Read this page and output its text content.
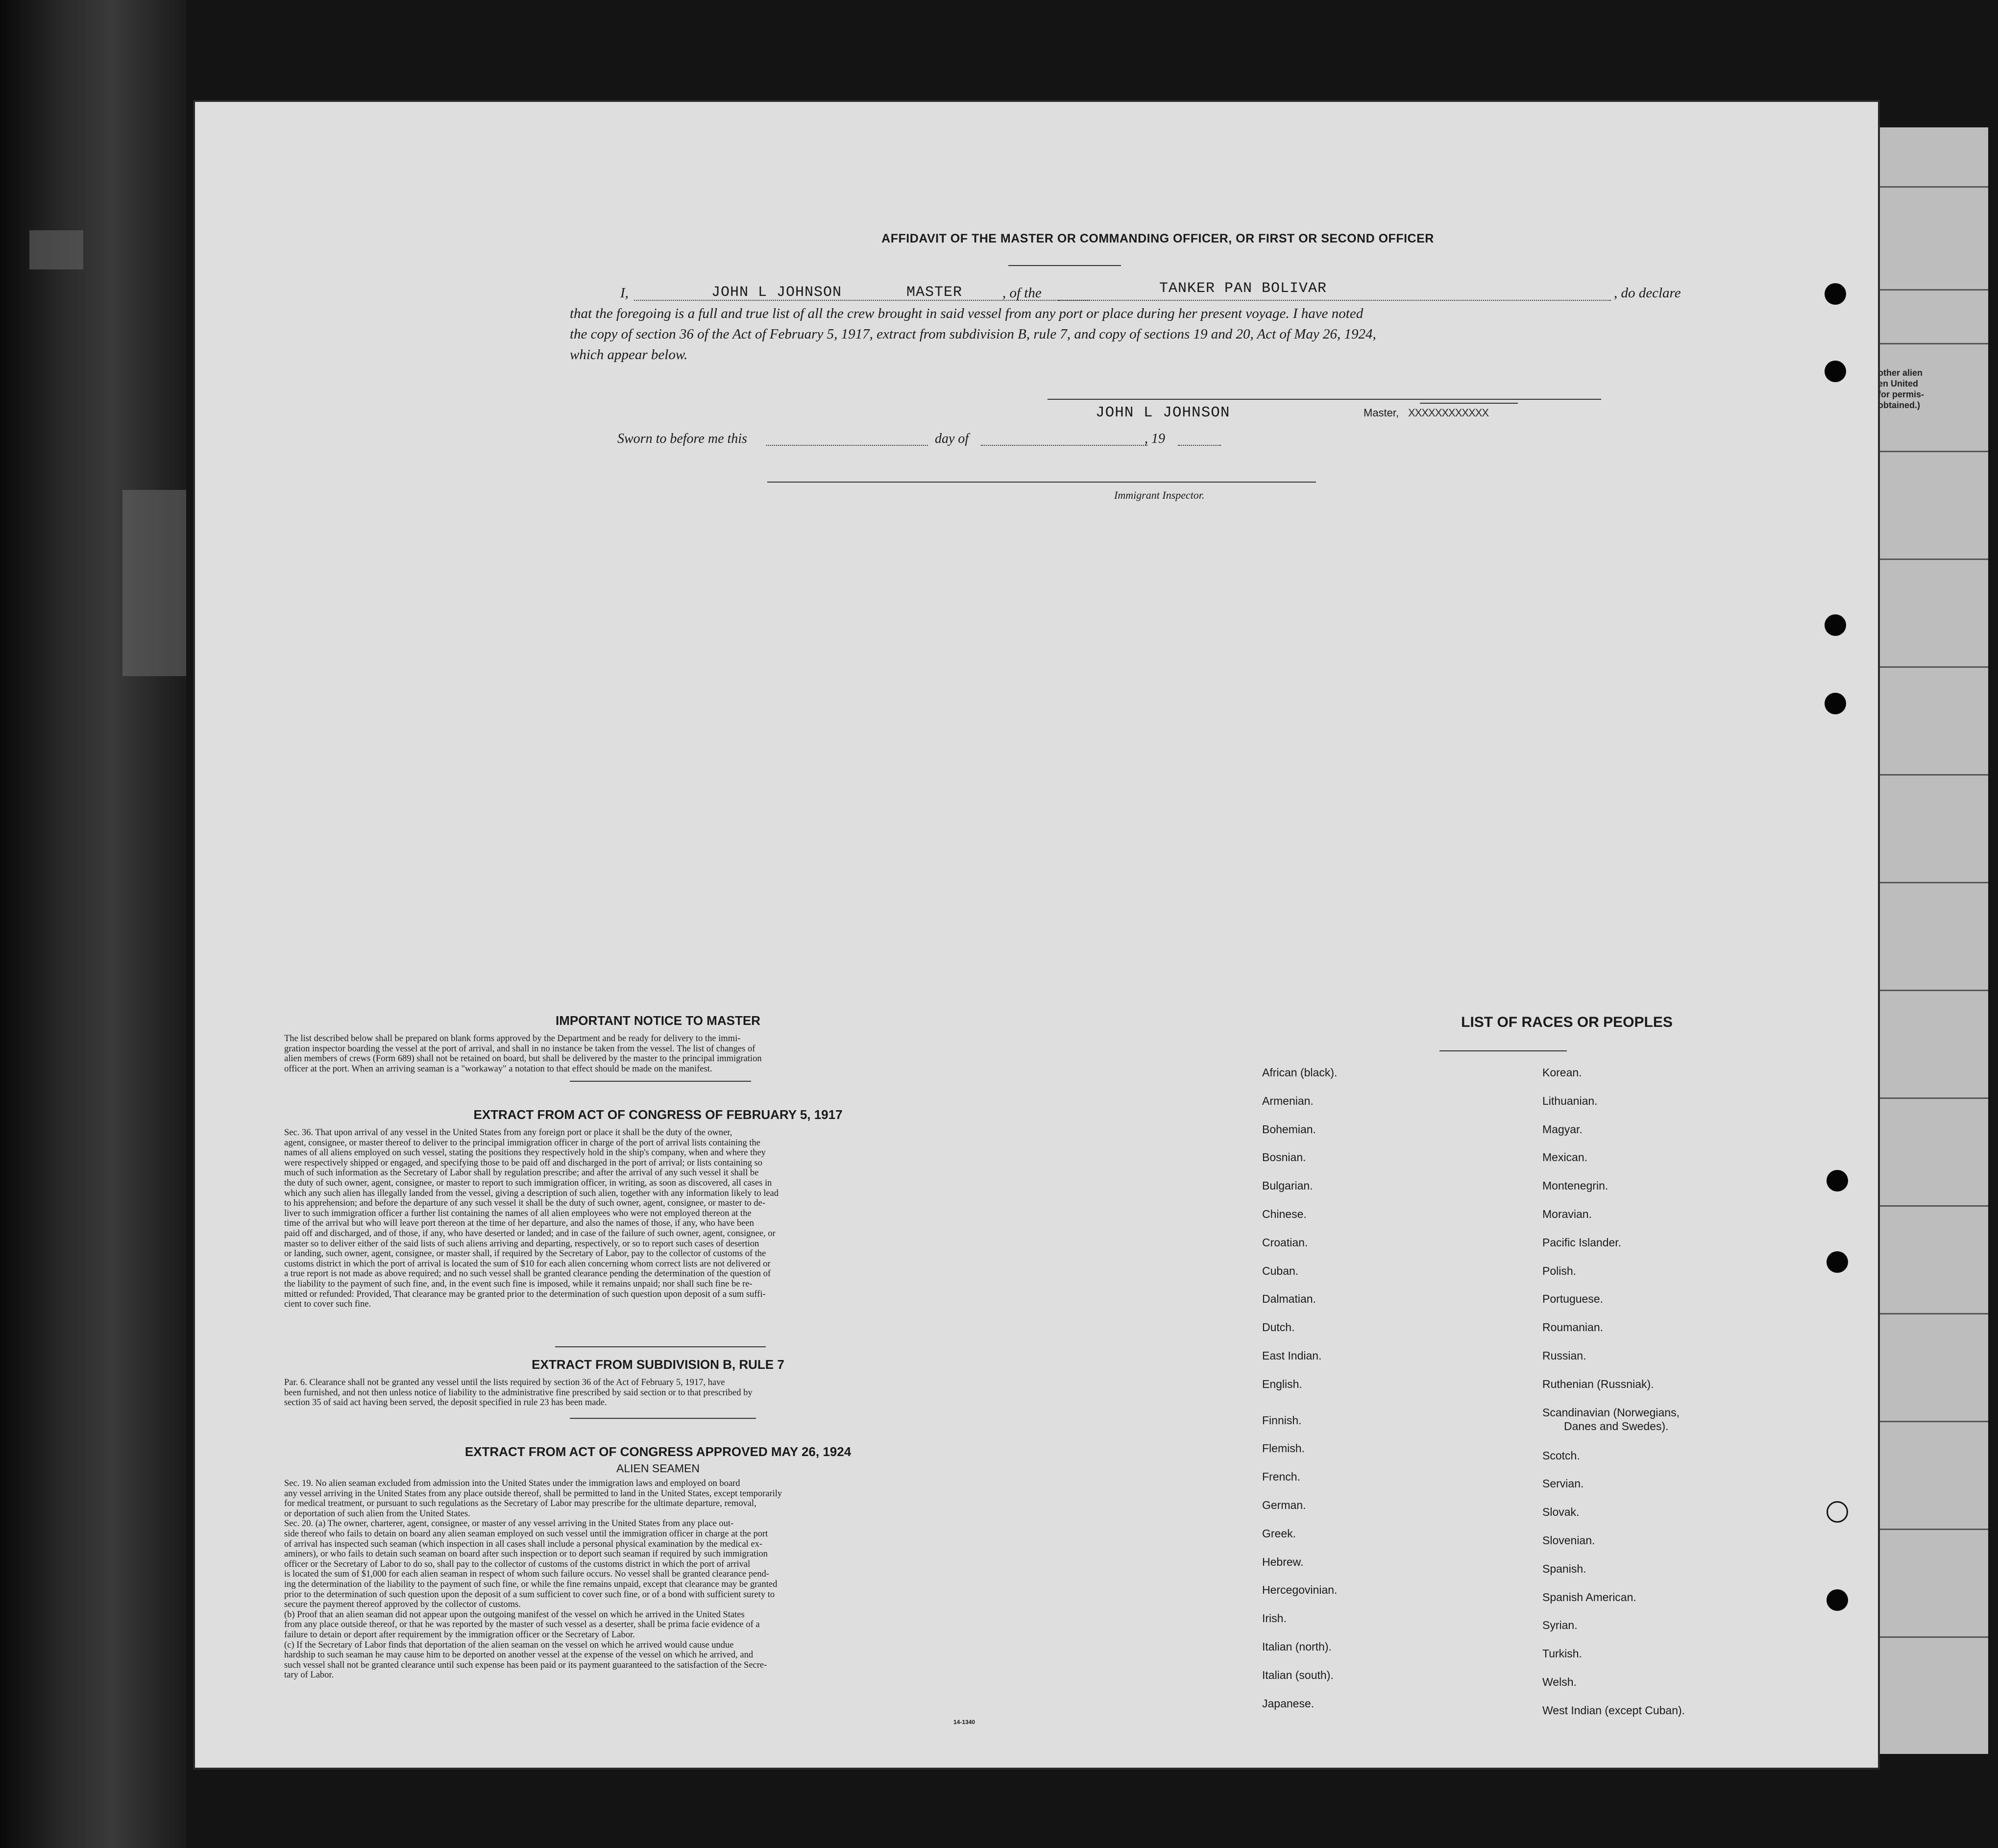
other alien
en United
for permis-
obtained.)
AFFIDAVIT OF THE MASTER OR COMMANDING OFFICER, OR FIRST OR SECOND OFFICER
I,	JOHN L JOHNSON	MASTER	, of the	TANKER PAN BOLIVAR	, do declare
that the foregoing is a full and true list of all the crew brought in said vessel from any port or place during her present voyage. I have noted
the copy of section 36 of the Act of February 5, 1917, extract from subdivision B, rule 7, and copy of sections 19 and 20, Act of May 26, 1924,
which appear below.
JOHN L JOHNSON	Master, XXXXXXXXXXXX
Sworn to before me this	day of	, 19
Immigrant Inspector.
IMPORTANT NOTICE TO MASTER
The list described below shall be prepared on blank forms approved by the Department and be ready for delivery to the immi-
gration inspector boarding the vessel at the port of arrival, and shall in no instance be taken from the vessel. The list of changes of
alien members of crews (Form 689) shall not be retained on board, but shall be delivered by the master to the principal immigration
officer at the port. When an arriving seaman is a "workaway" a notation to that effect should be made on the manifest.
EXTRACT FROM ACT OF CONGRESS OF FEBRUARY 5, 1917
Sec. 36. That upon arrival of any vessel in the United States from any foreign port or place it shall be the duty of the owner,
agent, consignee, or master thereof to deliver to the principal immigration officer in charge of the port of arrival lists containing the
names of all aliens employed on such vessel, stating the positions they respectively hold in the ship's company, when and where they
were respectively shipped or engaged, and specifying those to be paid off and discharged in the port of arrival; or lists containing so
much of such information as the Secretary of Labor shall by regulation prescribe; and after the arrival of any such vessel it shall be
the duty of such owner, agent, consignee, or master to report to such immigration officer, in writing, as soon as discovered, all cases in
which any such alien has illegally landed from the vessel, giving a description of such alien, together with any information likely to lead
to his apprehension; and before the departure of any such vessel it shall be the duty of such owner, agent, consignee, or master to de-
liver to such immigration officer a further list containing the names of all alien employees who were not employed thereon at the
time of the arrival but who will leave port thereon at the time of her departure, and also the names of those, if any, who have been
paid off and discharged, and of those, if any, who have deserted or landed; and in case of the failure of such owner, agent, consignee, or
master so to deliver either of the said lists of such aliens arriving and departing, respectively, or so to report such cases of desertion
or landing, such owner, agent, consignee, or master shall, if required by the Secretary of Labor, pay to the collector of customs of the
customs district in which the port of arrival is located the sum of $10 for each alien concerning whom correct lists are not delivered or
a true report is not made as above required; and no such vessel shall be granted clearance pending the determination of the question of
the liability to the payment of such fine, and, in the event such fine is imposed, while it remains unpaid; nor shall such fine be re-
mitted or refunded: Provided, That clearance may be granted prior to the determination of such question upon deposit of a sum suffi-
cient to cover such fine.
EXTRACT FROM SUBDIVISION B, RULE 7
Par. 6. Clearance shall not be granted any vessel until the lists required by section 36 of the Act of February 5, 1917, have
been furnished, and not then unless notice of liability to the administrative fine prescribed by said section or to that prescribed by
section 35 of said act having been served, the deposit specified in rule 23 has been made.
EXTRACT FROM ACT OF CONGRESS APPROVED MAY 26, 1924
ALIEN SEAMEN
Sec. 19. No alien seaman excluded from admission into the United States under the immigration laws and employed on board
any vessel arriving in the United States from any place outside thereof, shall be permitted to land in the United States, except temporarily
for medical treatment, or pursuant to such regulations as the Secretary of Labor may prescribe for the ultimate departure, removal,
or deportation of such alien from the United States.
Sec. 20. (a) The owner, charterer, agent, consignee, or master of any vessel arriving in the United States from any place out-
side thereof who fails to detain on board any alien seaman employed on such vessel until the immigration officer in charge at the port
of arrival has inspected such seaman (which inspection in all cases shall include a personal physical examination by the medical ex-
aminers), or who fails to detain such seaman on board after such inspection or to deport such seaman if required by such immigration
officer or the Secretary of Labor to do so, shall pay to the collector of customs of the customs district in which the port of arrival
is located the sum of $1,000 for each alien seaman in respect of whom such failure occurs. No vessel shall be granted clearance pend-
ing the determination of the liability to the payment of such fine, or while the fine remains unpaid, except that clearance may be granted
prior to the determination of such question upon the deposit of a sum sufficient to cover such fine, or of a bond with sufficient surety to
secure the payment thereof approved by the collector of customs.
(b) Proof that an alien seaman did not appear upon the outgoing manifest of the vessel on which he arrived in the United States
from any place outside thereof, or that he was reported by the master of such vessel as a deserter, shall be prima facie evidence of a
failure to detain or deport after requirement by the immigration officer or the Secretary of Labor.
(c) If the Secretary of Labor finds that deportation of the alien seaman on the vessel on which he arrived would cause undue
hardship to such seaman he may cause him to be deported on another vessel at the expense of the vessel on which he arrived, and
such vessel shall not be granted clearance until such expense has been paid or its payment guaranteed to the satisfaction of the Secre-
tary of Labor.
14-1340
LIST OF RACES OR PEOPLES
African (black).
Armenian.
Bohemian.
Bosnian.
Bulgarian.
Chinese.
Croatian.
Cuban.
Dalmatian.
Dutch.
East Indian.
English.
Finnish.
Flemish.
French.
German.
Greek.
Hebrew.
Hercegovinian.
Irish.
Italian (north).
Italian (south).
Japanese.
Korean.
Lithuanian.
Magyar.
Mexican.
Montenegrin.
Moravian.
Pacific Islander.
Polish.
Portuguese.
Roumanian.
Russian.
Ruthenian (Russniak).
Scandinavian (Norwegians,
Danes and Swedes).
Scotch.
Servian.
Slovak.
Slovenian.
Spanish.
Spanish American.
Syrian.
Turkish.
Welsh.
West Indian (except Cuban).
